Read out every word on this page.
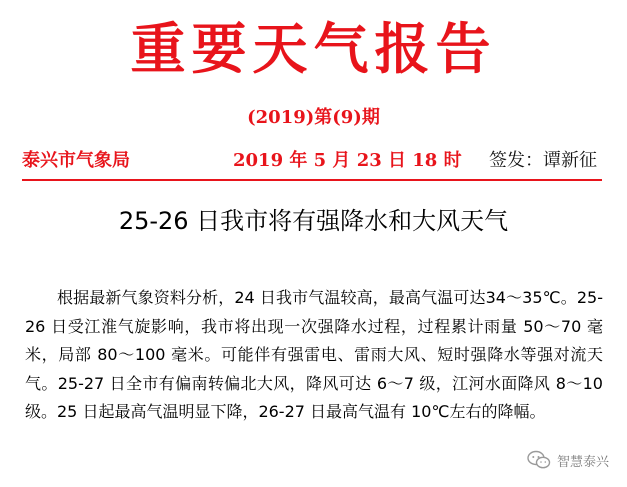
重要天气报告
(2019)第(9)期
泰兴市气象局	2019 年 5 月 23 日 18 时 签发：谭新征
25-26 日我市将有强降水和大风天气
根据最新气象资料分析，24 日我市气温较高，最高气温可达34～35℃。25-26 日受江淮气旋影响，我市将出现一次强降水过程，过程累计雨量 50～70 毫米，局部 80～100 毫米。可能伴有强雷电、雷雨大风、短时强降水等强对流天气。25-27 日全市有偏南转偏北大风，降风可达 6～7 级，江河水面降风 8～10 级。25 日起最高气温明显下降，26-27 日最高气温有 10℃左右的降幅。
智慧泰兴
